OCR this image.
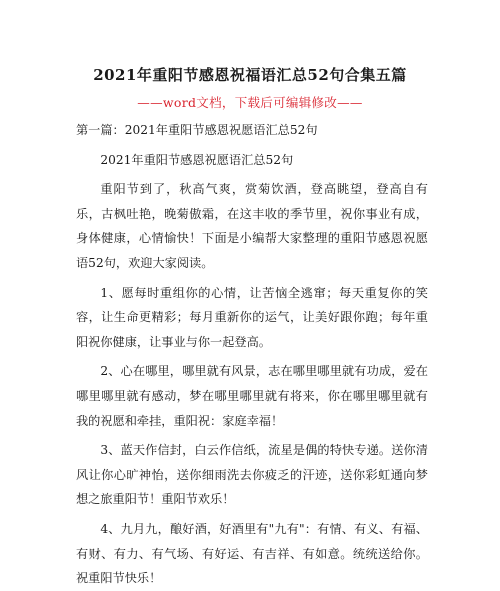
2021年重阳节感恩祝福语汇总52句合集五篇
——word文档，下载后可编辑修改——

第一篇：2021年重阳节感恩祝愿语汇总52句

2021年重阳节感恩祝愿语汇总52句

重阳节到了，秋高气爽，赏菊饮酒，登高眺望，登高自有乐，古枫吐艳，晚菊傲霜，在这丰收的季节里，祝你事业有成，身体健康，心情愉快！下面是小编帮大家整理的重阳节感恩祝愿语52句，欢迎大家阅读。

1、愿每时重组你的心情，让苦恼全逃窜；每天重复你的笑容，让生命更精彩；每月重新你的运气，让美好跟你跑；每年重阳祝你健康，让事业与你一起登高。

2、心在哪里，哪里就有风景，志在哪里哪里就有功成，爱在哪里哪里就有感动，梦在哪里哪里就有将来，你在哪里哪里就有我的祝愿和牵挂，重阳祝：家庭幸福！

3、蓝天作信封，白云作信纸，流星是偶的特快专递。送你清风让你心旷神怡，送你细雨洗去你疲乏的汗迹，送你彩虹通向梦想之旅重阳节！重阳节欢乐！

4、九月九，酿好酒，好酒里有"九有"：有情、有义、有福、有财、有力、有气场、有好运、有吉祥、有如意。统统送给你。祝重阳节快乐！
